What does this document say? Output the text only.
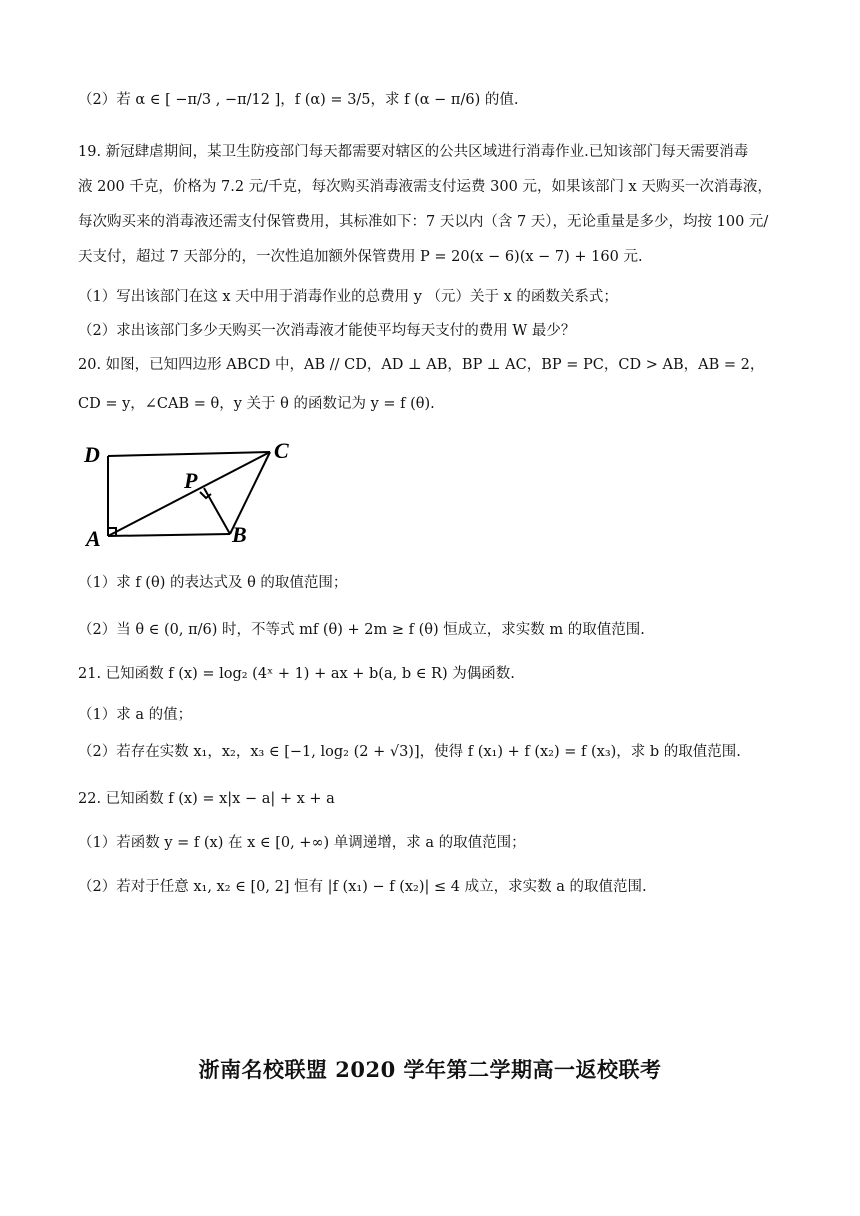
（2）若 α ∈ [ −π/3 , −π/12 ]，f (α) = 3/5，求 f (α − π/6) 的值.
19. 新冠肆虐期间，某卫生防疫部门每天都需要对辖区的公共区域进行消毒作业.已知该部门每天需要消毒
液 200 千克，价格为 7.2 元/千克，每次购买消毒液需支付运费 300 元，如果该部门 x 天购买一次消毒液，
每次购买来的消毒液还需支付保管费用，其标准如下：7 天以内（含 7 天），无论重量是多少，均按 100 元/
天支付，超过 7 天部分的，一次性追加额外保管费用 P = 20(x − 6)(x − 7) + 160 元.
（1）写出该部门在这 x 天中用于消毒作业的总费用 y （元）关于 x 的函数关系式；
（2）求出该部门多少天购买一次消毒液才能使平均每天支付的费用 W 最少？
20. 如图，已知四边形 ABCD 中，AB // CD，AD ⊥ AB，BP ⊥ AC，BP = PC，CD > AB，AB = 2，
CD = y，∠CAB = θ，y 关于 θ 的函数记为 y = f (θ).
D	C
P
A	B
（1）求 f (θ) 的表达式及 θ 的取值范围；
（2）当 θ ∈ (0, π/6) 时，不等式 mf (θ) + 2m ≥ f (θ) 恒成立，求实数 m 的取值范围.
21. 已知函数 f (x) = log₂ (4ˣ + 1) + ax + b(a, b ∈ R) 为偶函数.
（1）求 a 的值；
（2）若存在实数 x₁，x₂，x₃ ∈ [−1, log₂ (2 + √3)]，使得 f (x₁) + f (x₂) = f (x₃)，求 b 的取值范围.
22. 已知函数 f (x) = x|x − a| + x + a
（1）若函数 y = f (x) 在 x ∈ [0, +∞) 单调递增，求 a 的取值范围；
（2）若对于任意 x₁, x₂ ∈ [0, 2] 恒有 |f (x₁) − f (x₂)| ≤ 4 成立，求实数 a 的取值范围.
浙南名校联盟 2020 学年第二学期高一返校联考
